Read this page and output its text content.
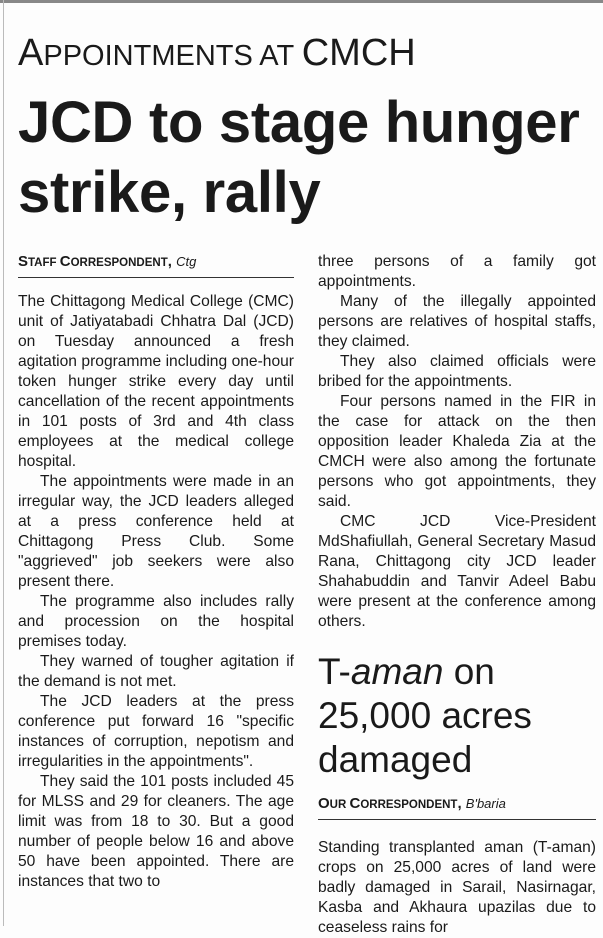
APPOINTMENTS AT CMCH
JCD to stage hunger strike, rally
STAFF CORRESPONDENT, Ctg

The Chittagong Medical College (CMC) unit of Jatiyatabadi Chhatra Dal (JCD) on Tuesday announced a fresh agitation programme including one-hour token hunger strike every day until cancellation of the recent appointments in 101 posts of 3rd and 4th class employees at the medical college hospital.

The appointments were made in an irregular way, the JCD leaders alleged at a press conference held at Chittagong Press Club. Some "aggrieved" job seekers were also present there.

The programme also includes rally and procession on the hospital premises today.

They warned of tougher agitation if the demand is not met.

The JCD leaders at the press conference put forward 16 "specific instances of corruption, nepotism and irregularities in the appointments".

They said the 101 posts included 45 for MLSS and 29 for cleaners. The age limit was from 18 to 30. But a good number of people below 16 and above 50 have been appointed. There are instances that two to

three persons of a family got appointments.

Many of the illegally appointed persons are relatives of hospital staffs, they claimed.

They also claimed officials were bribed for the appointments.

Four persons named in the FIR in the case for attack on the then opposition leader Khaleda Zia at the CMCH were also among the fortunate persons who got appointments, they said.

CMC JCD Vice-President MdShafiullah, General Secretary Masud Rana, Chittagong city JCD leader Shahabuddin and Tanvir Adeel Babu were present at the conference among others.

T-aman on 25,000 acres damaged
OUR CORRESPONDENT, B'baria

Standing transplanted aman (T-aman) crops on 25,000 acres of land were badly damaged in Sarail, Nasirnagar, Kasba and Akhaura upazilas due to ceaseless rains for
